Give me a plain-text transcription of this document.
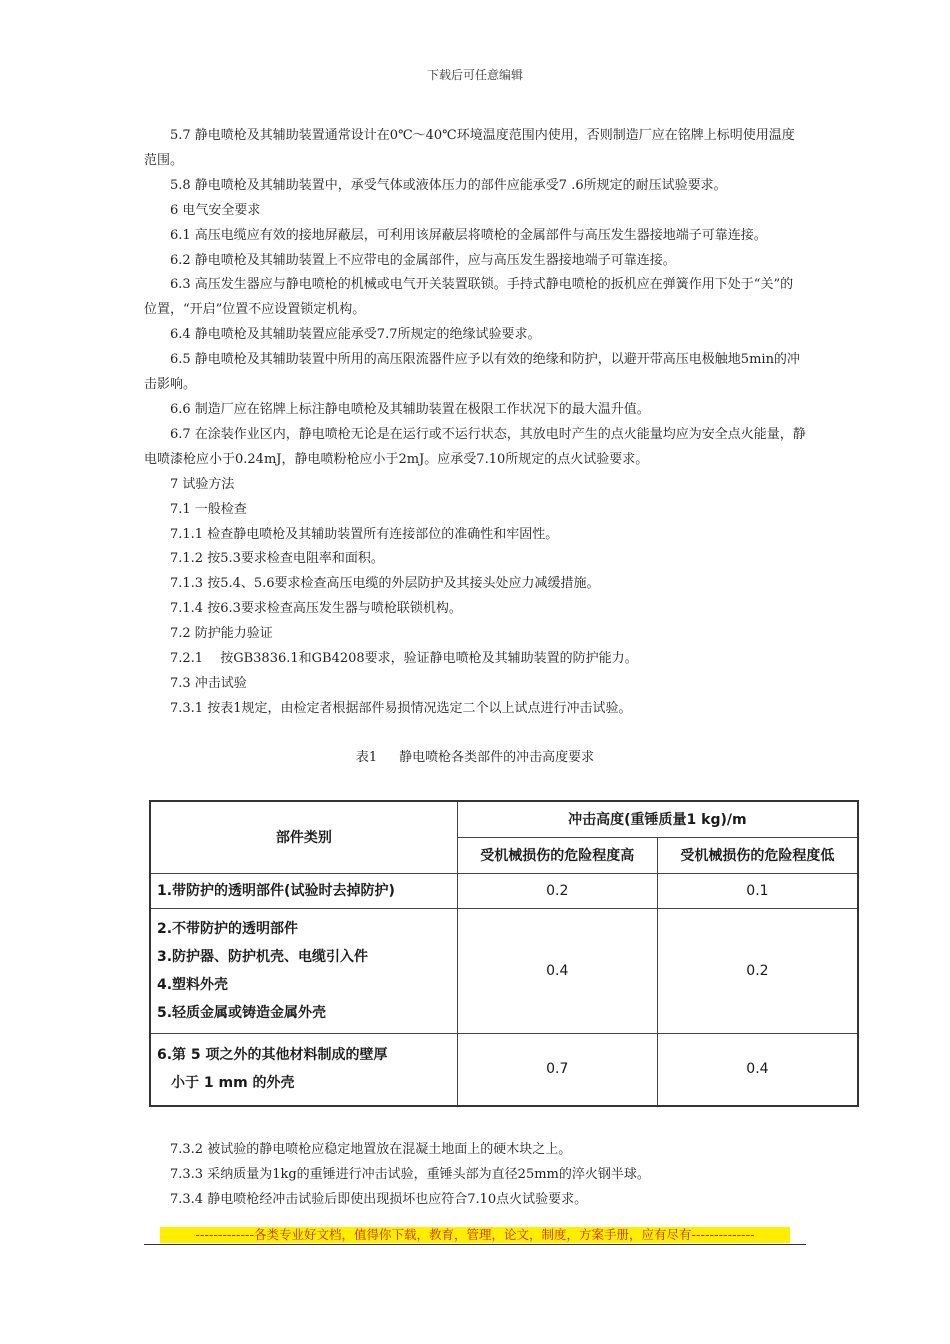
下载后可任意编辑

5.7 静电喷枪及其辅助装置通常设计在0℃～40℃环境温度范围内使用，否则制造厂应在铭牌上标明使用温度范围。

5.8 静电喷枪及其辅助装置中，承受气体或液体压力的部件应能承受7 .6所规定的耐压试验要求。

6 电气安全要求

6.1 高压电缆应有效的接地屏蔽层，可利用该屏蔽层将喷枪的金属部件与高压发生器接地端子可靠连接。

6.2 静电喷枪及其辅助装置上不应带电的金属部件，应与高压发生器接地端子可靠连接。

6.3 高压发生器应与静电喷枪的机械或电气开关装置联锁。手持式静电喷枪的扳机应在弹簧作用下处于“关”的位置，“开启”位置不应设置锁定机构。

6.4 静电喷枪及其辅助装置应能承受7.7所规定的绝缘试验要求。

6.5 静电喷枪及其辅助装置中所用的高压限流器件应予以有效的绝缘和防护，以避开带高压电极触地5min的冲击影响。

6.6 制造厂应在铭牌上标注静电喷枪及其辅助装置在极限工作状况下的最大温升值。

6.7 在涂装作业区内，静电喷枪无论是在运行或不运行状态，其放电时产生的点火能量均应为安全点火能量，静电喷漆枪应小于0.24mJ，静电喷粉枪应小于2mJ。应承受7.10所规定的点火试验要求。

7 试验方法

7.1 一般检查

7.1.1 检查静电喷枪及其辅助装置所有连接部位的准确性和牢固性。

7.1.2 按5.3要求检查电阻率和面积。

7.1.3 按5.4、5.6要求检查高压电缆的外层防护及其接头处应力减缓措施。

7.1.4 按6.3要求检查高压发生器与喷枪联锁机构。

7.2 防护能力验证

7.2.1　 按GB3836.1和GB4208要求，验证静电喷枪及其辅助装置的防护能力。

7.3 冲击试验

7.3.1 按表1规定，由检定者根据部件易损情况选定二个以上试点进行冲击试验。

表1 静电喷枪各类部件的冲击高度要求
部件类别	冲击高度(重锤质量1 kg)/m	
	受机械损伤的危险程度高	受机械损伤的危险程度低
1.带防护的透明部件(试验时去掉防护)	0.2	0.1

2.不带防护的透明部件
3.防护器、防护机壳、电缆引入件
4.塑料外壳
5.轻质金属或铸造金属外壳	0.4	0.2

6.第 5 项之外的其他材料制成的壁厚
小于 1 mm 的外壳	0.7	0.4

7.3.2 被试验的静电喷枪应稳定地置放在混凝土地面上的硬木块之上。

7.3.3 采纳质量为1kg的重锤进行冲击试验，重锤头部为直径25mm的淬火钢半球。

7.3.4 静电喷枪经冲击试验后即使出现损坏也应符合7.10点火试验要求。

-------------各类专业好文档，值得你下载，教育，管理，论文，制度，方案手册，应有尽有--------------
